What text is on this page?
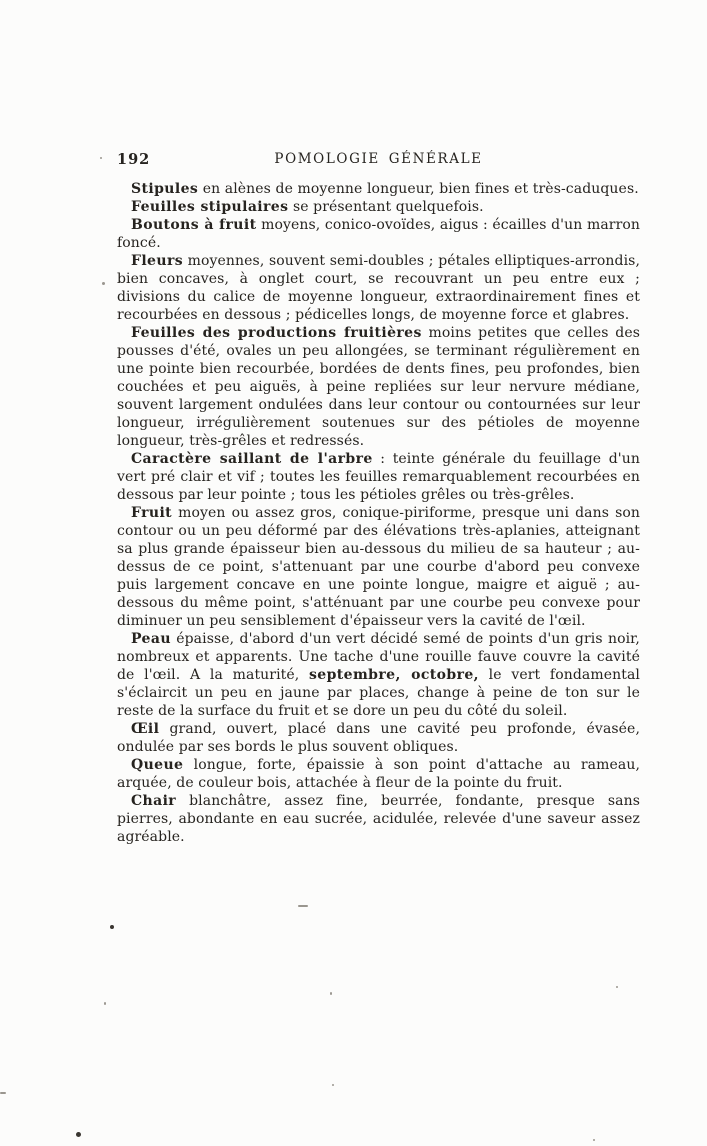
192	POMOLOGIE GÉNÉRALE

Stipules en alènes de moyenne longueur, bien fines et très-caduques.

Feuilles stipulaires se présentant quelquefois.

Boutons à fruit moyens, conico-ovoïdes, aigus : écailles d'un marron foncé.

Fleurs moyennes, souvent semi-doubles ; pétales elliptiques-arrondis, bien concaves, à onglet court, se recouvrant un peu entre eux ; divisions du calice de moyenne longueur, extraordinairement fines et recourbées en dessous ; pédicelles longs, de moyenne force et glabres.

Feuilles des productions fruitières moins petites que celles des pousses d'été, ovales un peu allongées, se terminant régulièrement en une pointe bien recourbée, bordées de dents fines, peu profondes, bien couchées et peu aiguës, à peine repliées sur leur nervure médiane, souvent largement ondulées dans leur contour ou contournées sur leur longueur, irrégulièrement soutenues sur des pétioles de moyenne longueur, très-grêles et redressés.

Caractère saillant de l'arbre : teinte générale du feuillage d'un vert pré clair et vif ; toutes les feuilles remarquablement recourbées en dessous par leur pointe ; tous les pétioles grêles ou très-grêles.

Fruit moyen ou assez gros, conique-piriforme, presque uni dans son contour ou un peu déformé par des élévations très-aplanies, atteignant sa plus grande épaisseur bien au-dessous du milieu de sa hauteur ; au-dessus de ce point, s'attenuant par une courbe d'abord peu convexe puis largement concave en une pointe longue, maigre et aiguë ; au-dessous du même point, s'atténuant par une courbe peu convexe pour diminuer un peu sensiblement d'épaisseur vers la cavité de l'œil.

Peau épaisse, d'abord d'un vert décidé semé de points d'un gris noir, nombreux et apparents. Une tache d'une rouille fauve couvre la cavité de l'œil. A la maturité, septembre, octobre, le vert fondamental s'éclaircit un peu en jaune par places, change à peine de ton sur le reste de la surface du fruit et se dore un peu du côté du soleil.

Œil grand, ouvert, placé dans une cavité peu profonde, évasée, ondulée par ses bords le plus souvent obliques.

Queue longue, forte, épaissie à son point d'attache au rameau, arquée, de couleur bois, attachée à fleur de la pointe du fruit.

Chair blanchâtre, assez fine, beurrée, fondante, presque sans pierres, abondante en eau sucrée, acidulée, relevée d'une saveur assez agréable.
